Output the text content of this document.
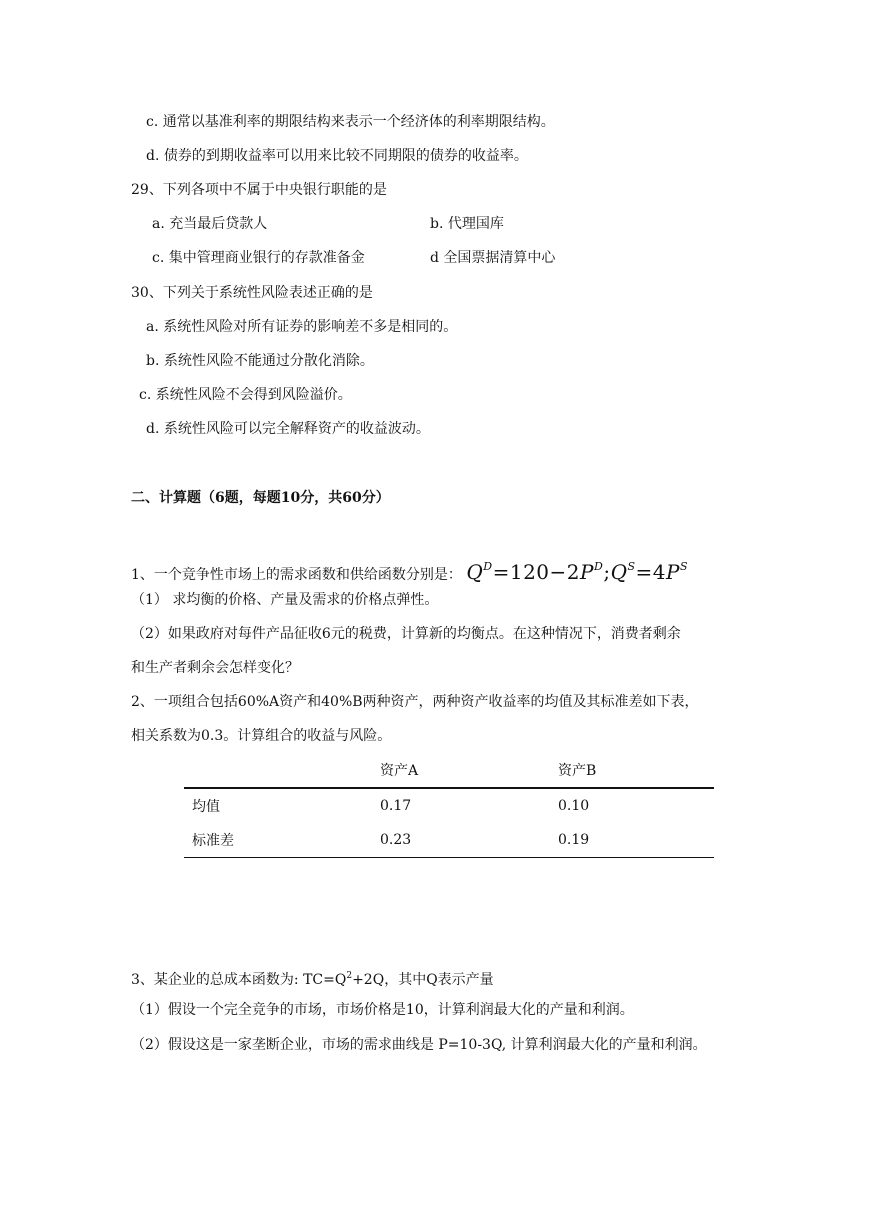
c. 通常以基准利率的期限结构来表示一个经济体的利率期限结构。
d. 债券的到期收益率可以用来比较不同期限的债券的收益率。
29、下列各项中不属于中央银行职能的是
a. 充当最后贷款人	b. 代理国库
c. 集中管理商业银行的存款准备金	d 全国票据清算中心
30、下列关于系统性风险表述正确的是
a. 系统性风险对所有证券的影响差不多是相同的。
b. 系统性风险不能通过分散化消除。
c. 系统性风险不会得到风险溢价。
d. 系统性风险可以完全解释资产的收益波动。
二、计算题（6题，每题10分，共60分）
1、一个竞争性市场上的需求函数和供给函数分别是： $Q^D=120-2P^D;Q^S=4P^S$
（1） 求均衡的价格、产量及需求的价格点弹性。
（2）如果政府对每件产品征收6元的税费，计算新的均衡点。在这种情况下，消费者剩余
和生产者剩余会怎样变化？
2、一项组合包括60%A资产和40%B两种资产，两种资产收益率的均值及其标准差如下表，
相关系数为0.3。计算组合的收益与风险。
	资产A	资产B
均值	0.17	0.10
标准差	0.23	0.19
3、某企业的总成本函数为: $TC=Q^2+2Q$，其中Q表示产量
（1）假设一个完全竞争的市场，市场价格是10，计算利润最大化的产量和利润。
（2）假设这是一家垄断企业，市场的需求曲线是 P=10-3Q, 计算利润最大化的产量和利润。
